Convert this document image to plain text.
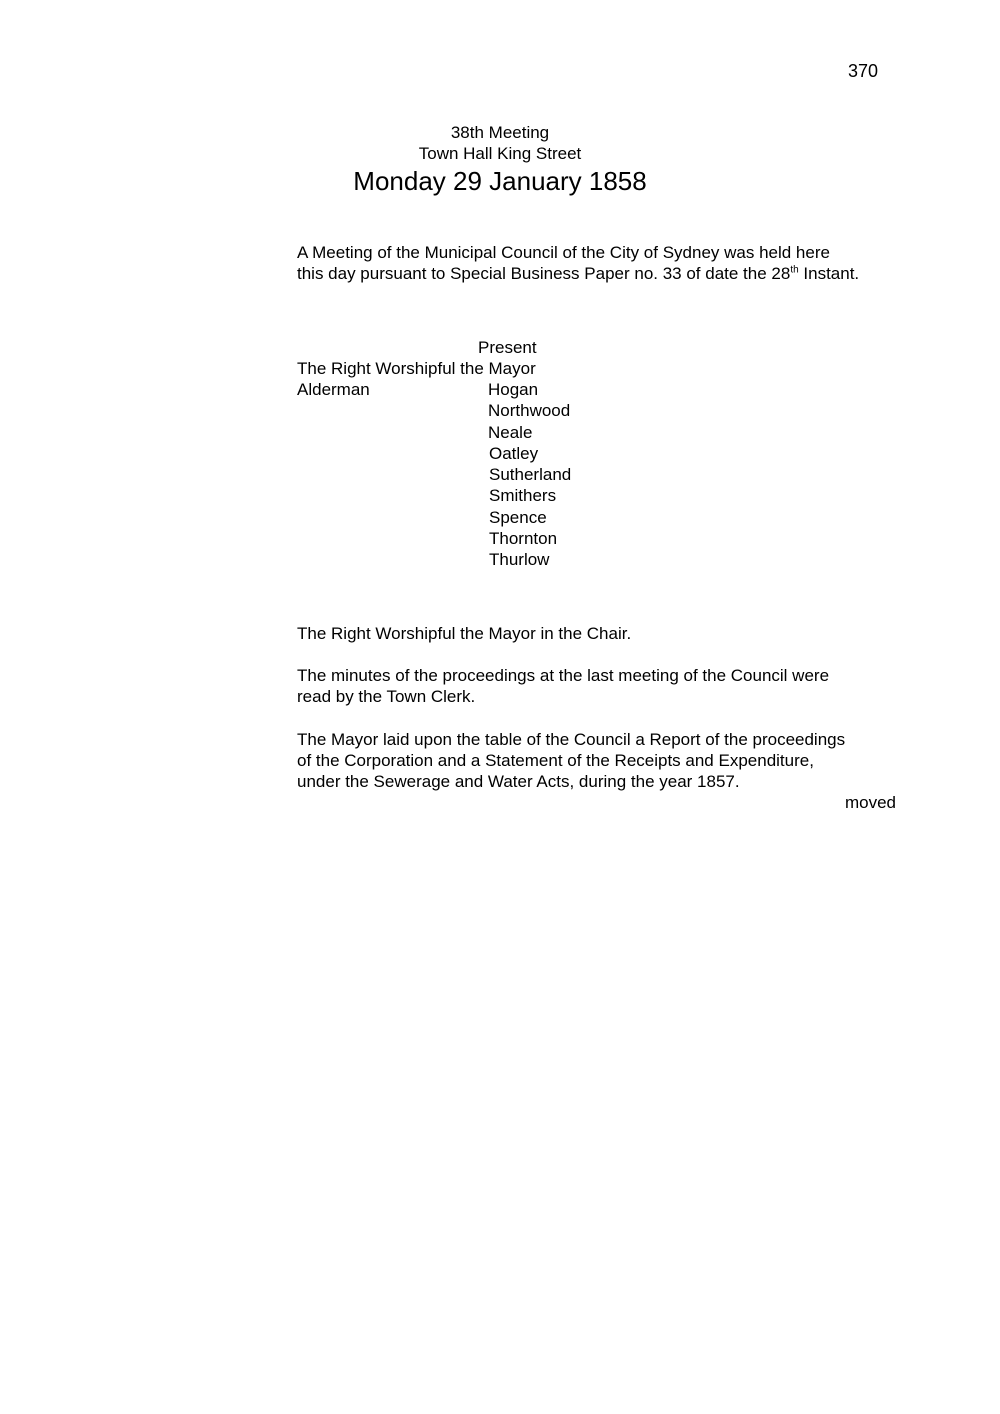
370
38th Meeting
Town Hall King Street
Monday 29 January 1858

A Meeting of the Municipal Council of the City of Sydney was held here

this day pursuant to Special Business Paper no. 33 of date the 28th Instant.

Present
The Right Worshipful the Mayor
Alderman	Hogan
Northwood
Neale
Oatley
Sutherland
Smithers
Spence
Thornton
Thurlow

The Right Worshipful the Mayor in the Chair.

The minutes of the proceedings at the last meeting of the Council were

read by the Town Clerk.

The Mayor laid upon the table of the Council a Report of the proceedings

of the Corporation and a Statement of the Receipts and Expenditure,

under the Sewerage and Water Acts, during the year 1857.

moved
